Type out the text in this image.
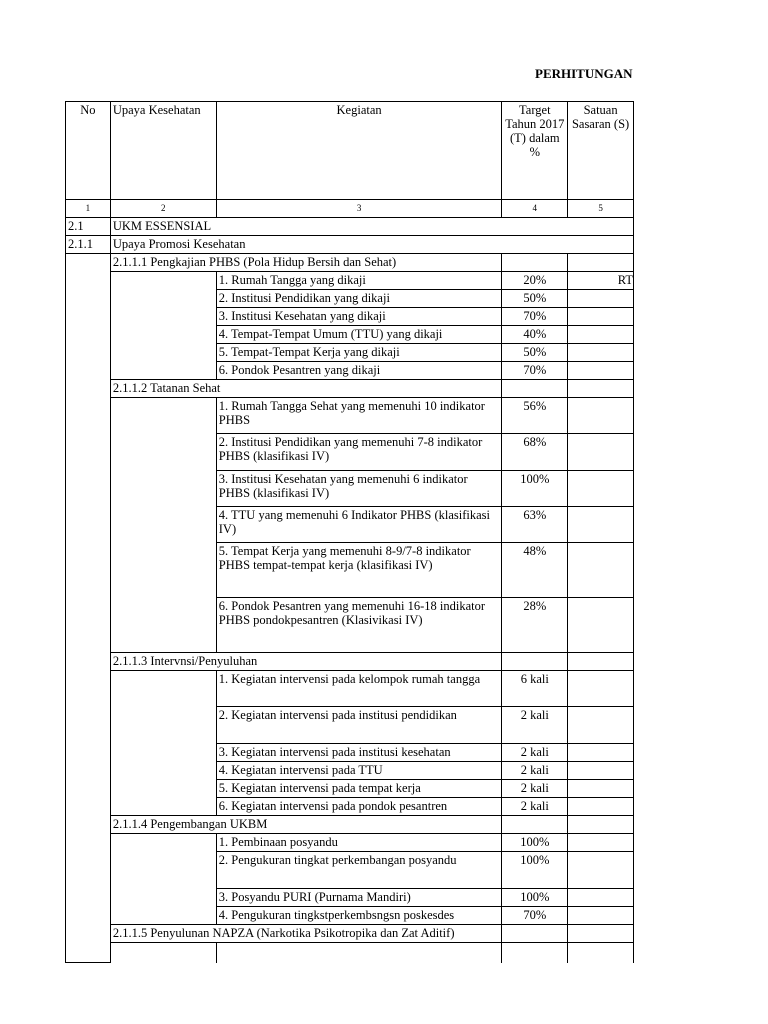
PERHITUNGAN
No	Upaya Kesehatan	Kegiatan	Target Tahun 2017 (T) dalam %	Satuan Sasaran (S)
1	2	3	4	5
2.1	UKM ESSENSIAL			
2.1.1	Upaya Promosi Kesehatan			
	2.1.1.1 Pengkajian PHBS (Pola Hidup Bersih dan Sehat)			
		1. Rumah Tangga yang dikaji	20%	RT
		2. Institusi Pendidikan yang dikaji	50%	
		3. Institusi Kesehatan yang dikaji	70%	
		4. Tempat-Tempat Umum (TTU) yang dikaji	40%	
		5. Tempat-Tempat Kerja yang dikaji	50%	
		6. Pondok Pesantren yang dikaji	70%	
	2.1.1.2 Tatanan Sehat			
		1. Rumah Tangga Sehat yang memenuhi 10 indikator PHBS	56%	
		2. Institusi Pendidikan yang memenuhi 7-8 indikator PHBS (klasifikasi IV)	68%	
		3. Institusi Kesehatan yang memenuhi 6 indikator PHBS (klasifikasi IV)	100%	
		4. TTU yang memenuhi 6 Indikator PHBS (klasifikasi IV)	63%	
		5. Tempat Kerja yang memenuhi 8-9/7-8 indikator PHBS tempat-tempat kerja (klasifikasi IV)	48%	
		6. Pondok Pesantren yang memenuhi 16-18 indikator PHBS pondokpesantren (Klasivikasi IV)	28%	
	2.1.1.3 Intervnsi/Penyuluhan			
		1. Kegiatan intervensi pada kelompok rumah tangga	6 kali	
		2. Kegiatan intervensi pada institusi pendidikan	2 kali	
		3. Kegiatan intervensi pada institusi kesehatan	2 kali	
		4. Kegiatan intervensi pada TTU	2 kali	
		5. Kegiatan intervensi pada tempat kerja	2 kali	
		6. Kegiatan intervensi pada pondok pesantren	2 kali	
	2.1.1.4 Pengembangan UKBM			
		1. Pembinaan posyandu	100%	
		2. Pengukuran tingkat perkembangan posyandu	100%	
		3. Posyandu PURI (Purnama Mandiri)	100%	
		4. Pengukuran tingkstperkembsngsn poskesdes	70%	
	2.1.1.5 Penyulunan NAPZA (Narkotika Psikotropika dan Zat Aditif)			
